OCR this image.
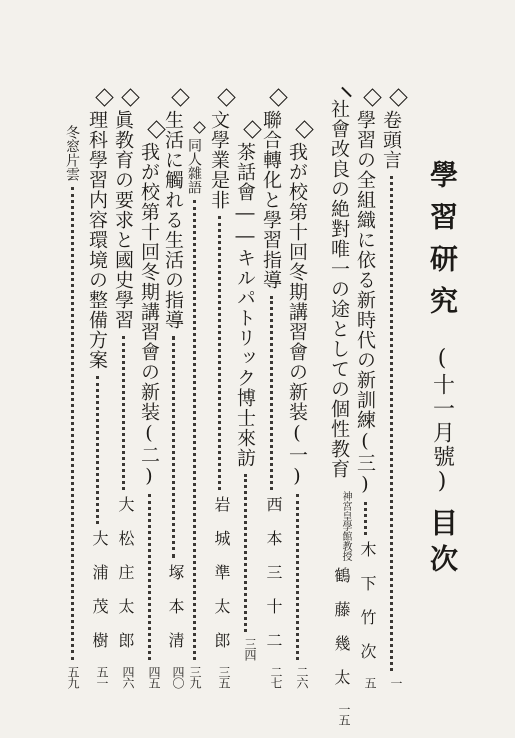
學習研究
(十一月號)
目次
卷頭言
一
學習の全組織に依る新時代の新訓練(三)
木下竹次
五
社會改良の絶對唯一の途としての個性教育
神宮皇學館教授
鶴藤幾太
一五
我が校第十回冬期講習會の新装(一)
二六
聯合轉化と學習指導
西本三十二
二七
茶話會――キルパトリック博士來訪
三四
文學業是非
岩城準太郎
三五
同人雜語
三九
生活に觸れる生活の指導
塚本清
四〇
我が校第十回冬期講習會の新装(二)
四五
眞教育の要求と國史學習
大松庄太郎
四六
理科學習内容環境の整備方案
大浦茂樹
五一
冬窓片雲
五九
